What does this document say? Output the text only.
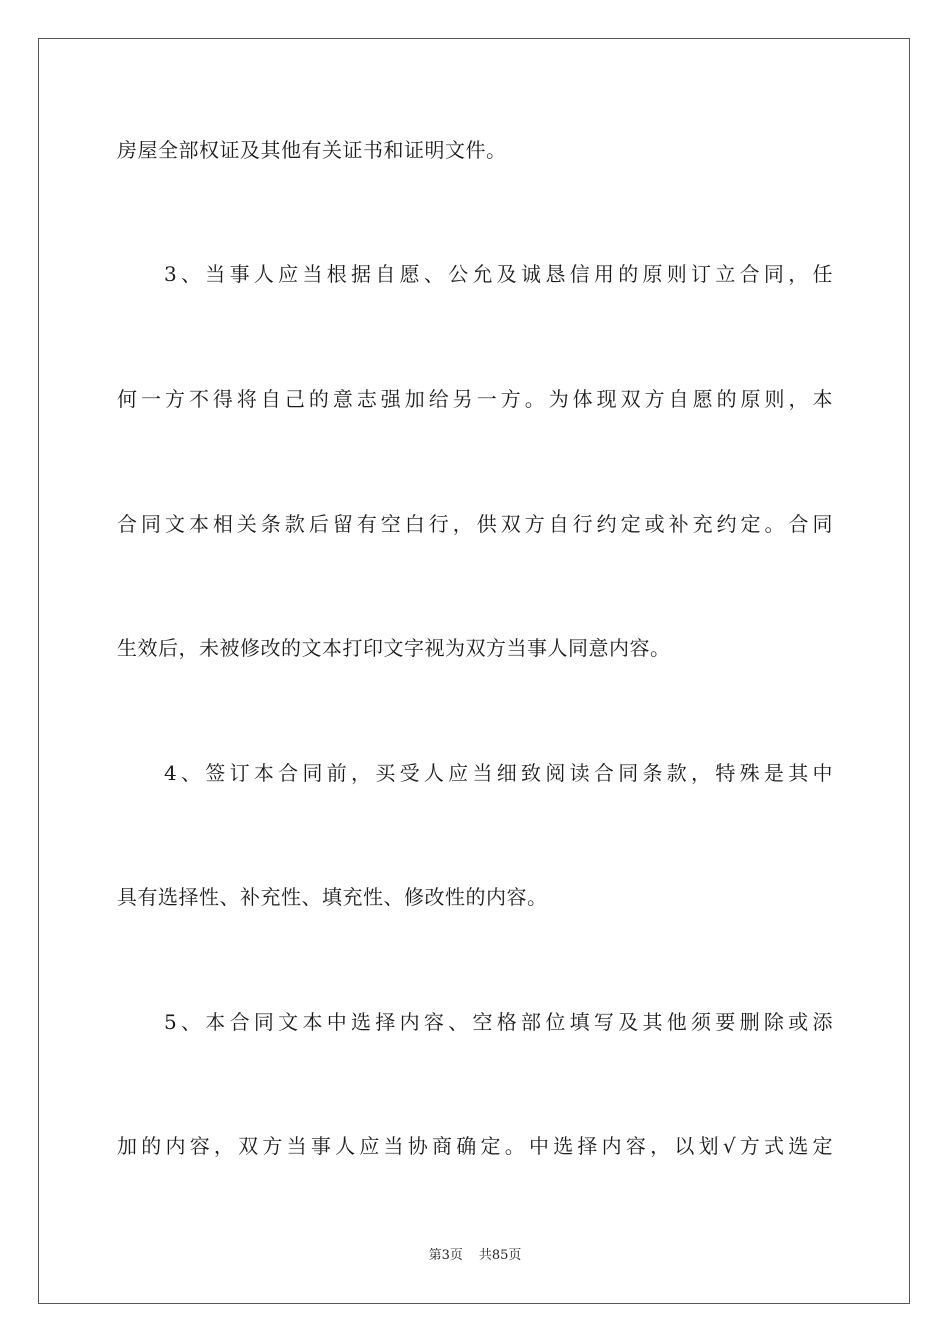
房屋全部权证及其他有关证书和证明文件。
3、当事人应当根据自愿、公允及诚恳信用的原则订立合同，任
何一方不得将自己的意志强加给另一方。为体现双方自愿的原则，本
合同文本相关条款后留有空白行，供双方自行约定或补充约定。合同
生效后，未被修改的文本打印文字视为双方当事人同意内容。
4、签订本合同前，买受人应当细致阅读合同条款，特殊是其中
具有选择性、补充性、填充性、修改性的内容。
5、本合同文本中选择内容、空格部位填写及其他须要删除或添
加的内容，双方当事人应当协商确定。中选择内容，以划√方式选定
第3页 共85页
